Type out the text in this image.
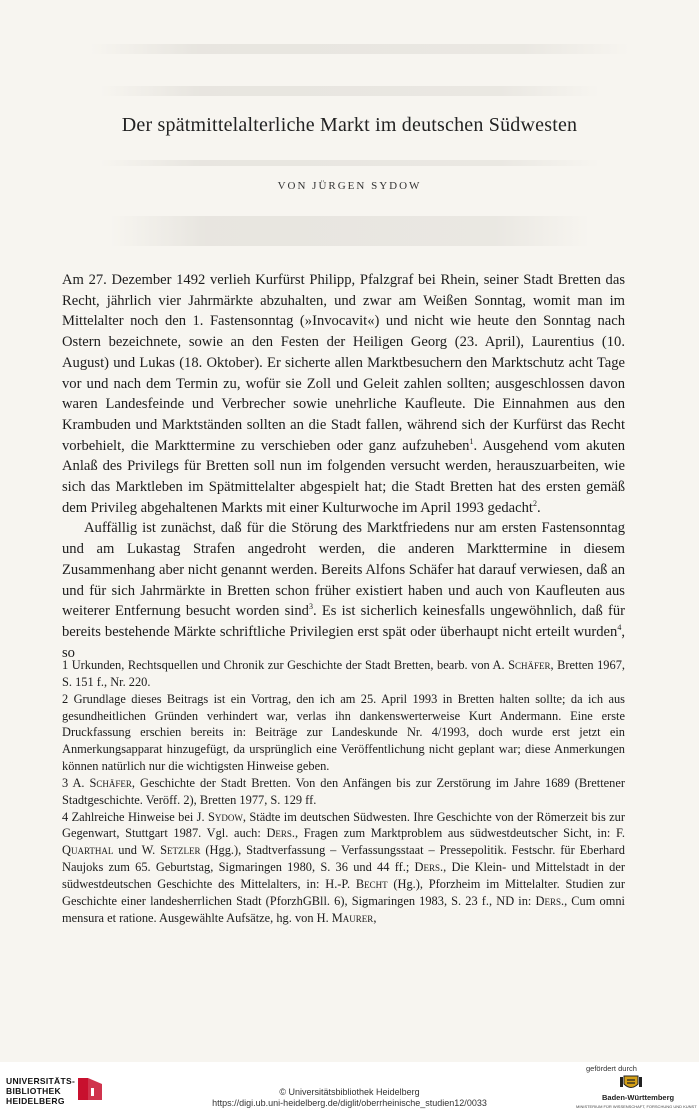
Der spätmittelalterliche Markt im deutschen Südwesten
VON JÜRGEN SYDOW

Am 27. Dezember 1492 verlieh Kurfürst Philipp, Pfalzgraf bei Rhein, seiner Stadt Bretten das Recht, jährlich vier Jahrmärkte abzuhalten, und zwar am Weißen Sonntag, womit man im Mittelalter noch den 1. Fastensonntag (»Invocavit«) und nicht wie heute den Sonntag nach Ostern bezeichnete, sowie an den Festen der Heiligen Georg (23. April), Laurentius (10. August) und Lukas (18. Oktober). Er sicherte allen Marktbesuchern den Marktschutz acht Tage vor und nach dem Termin zu, wofür sie Zoll und Geleit zahlen sollten; ausgeschlossen davon waren Landesfeinde und Verbrecher sowie unehrliche Kaufleute. Die Einnahmen aus den Krambuden und Marktständen sollten an die Stadt fallen, während sich der Kurfürst das Recht vorbehielt, die Markttermine zu verschieben oder ganz aufzuheben$^1$. Ausgehend vom akuten Anlaß des Privilegs für Bretten soll nun im folgenden versucht werden, herauszuarbeiten, wie sich das Marktleben im Spätmittelalter abgespielt hat; die Stadt Bretten hat des ersten gemäß dem Privileg abgehaltenen Markts mit einer Kulturwoche im April 1993 gedacht$^2$.

Auffällig ist zunächst, daß für die Störung des Marktfriedens nur am ersten Fastensonntag und am Lukastag Strafen angedroht werden, die anderen Markttermine in diesem Zusammenhang aber nicht genannt werden. Bereits Alfons Schäfer hat darauf verwiesen, daß an und für sich Jahrmärkte in Bretten schon früher existiert haben und auch von Kaufleuten aus weiterer Entfernung besucht worden sind$^3$. Es ist sicherlich keinesfalls ungewöhnlich, daß für bereits bestehende Märkte schriftliche Privilegien erst spät oder überhaupt nicht erteilt wurden$^4$, so

1 Urkunden, Rechtsquellen und Chronik zur Geschichte der Stadt Bretten, bearb. von A. Schäfer, Bretten 1967, S. 151 f., Nr. 220.

2 Grundlage dieses Beitrags ist ein Vortrag, den ich am 25. April 1993 in Bretten halten sollte; da ich aus gesundheitlichen Gründen verhindert war, verlas ihn dankenswerterweise Kurt Andermann. Eine erste Druckfassung erschien bereits in: Beiträge zur Landeskunde Nr. 4/1993, doch wurde erst jetzt ein Anmerkungsapparat hinzugefügt, da ursprünglich eine Veröffentlichung nicht geplant war; diese Anmerkungen können natürlich nur die wichtigsten Hinweise geben.

3 A. Schäfer, Geschichte der Stadt Bretten. Von den Anfängen bis zur Zerstörung im Jahre 1689 (Brettener Stadtgeschichte. Veröff. 2), Bretten 1977, S. 129 ff.

4 Zahlreiche Hinweise bei J. Sydow, Städte im deutschen Südwesten. Ihre Geschichte von der Römerzeit bis zur Gegenwart, Stuttgart 1987. Vgl. auch: Ders., Fragen zum Marktproblem aus südwestdeutscher Sicht, in: F. Quarthal und W. Setzler (Hgg.), Stadtverfassung – Verfassungsstaat – Pressepolitik. Festschr. für Eberhard Naujoks zum 65. Geburtstag, Sigmaringen 1980, S. 36 und 44 ff.; Ders., Die Klein- und Mittelstadt in der südwestdeutschen Geschichte des Mittelalters, in: H.-P. Becht (Hg.), Pforzheim im Mittelalter. Studien zur Geschichte einer landesherrlichen Stadt (PforzhGBll. 6), Sigmaringen 1983, S. 23 f., ND in: Ders., Cum omni mensura et ratione. Ausgewählte Aufsätze, hg. von H. Maurer,

UNIVERSITÄTS-
BIBLIOTHEK
HEIDELBERG
© Universitätsbibliothek Heidelberg
https://digi.ub.uni-heidelberg.de/diglit/oberrheinische_studien12/0033
gefördert durch
Baden-Württemberg
MINISTERIUM FÜR WISSENSCHAFT, FORSCHUNG UND KUNST
